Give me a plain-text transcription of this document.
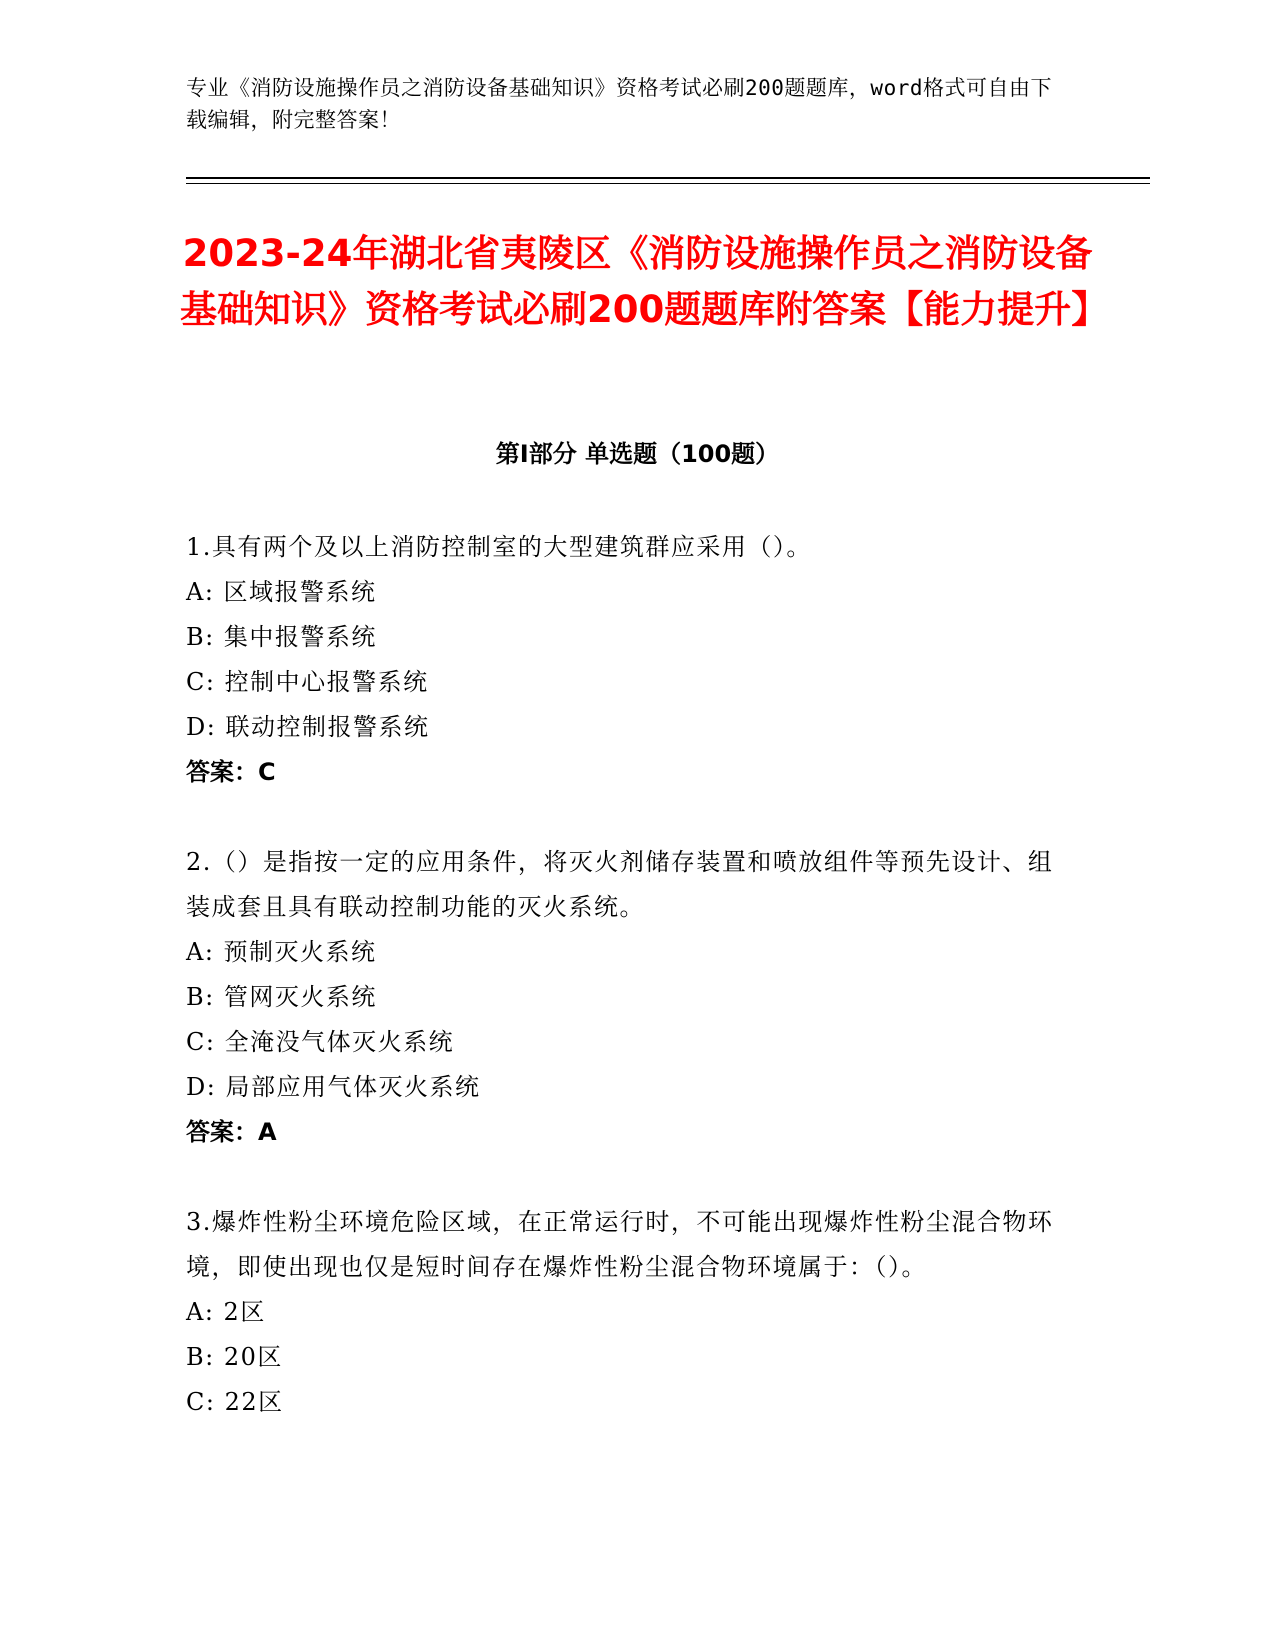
专业《消防设施操作员之消防设备基础知识》资格考试必刷200题题库，word格式可自由下载编辑，附完整答案！
2023-24年湖北省夷陵区《消防设施操作员之消防设备基础知识》资格考试必刷200题题库附答案【能力提升】
第I部分 单选题（100题）

1.具有两个及以上消防控制室的大型建筑群应采用（）。

A: 区域报警系统

B: 集中报警系统

C: 控制中心报警系统

D: 联动控制报警系统

答案：C

2.（）是指按一定的应用条件，将灭火剂储存装置和喷放组件等预先设计、组装成套且具有联动控制功能的灭火系统。

A: 预制灭火系统

B: 管网灭火系统

C: 全淹没气体灭火系统

D: 局部应用气体灭火系统

答案：A

3.爆炸性粉尘环境危险区域，在正常运行时，不可能出现爆炸性粉尘混合物环境，即使出现也仅是短时间存在爆炸性粉尘混合物环境属于：（）。

A: 2区

B: 20区

C: 22区
